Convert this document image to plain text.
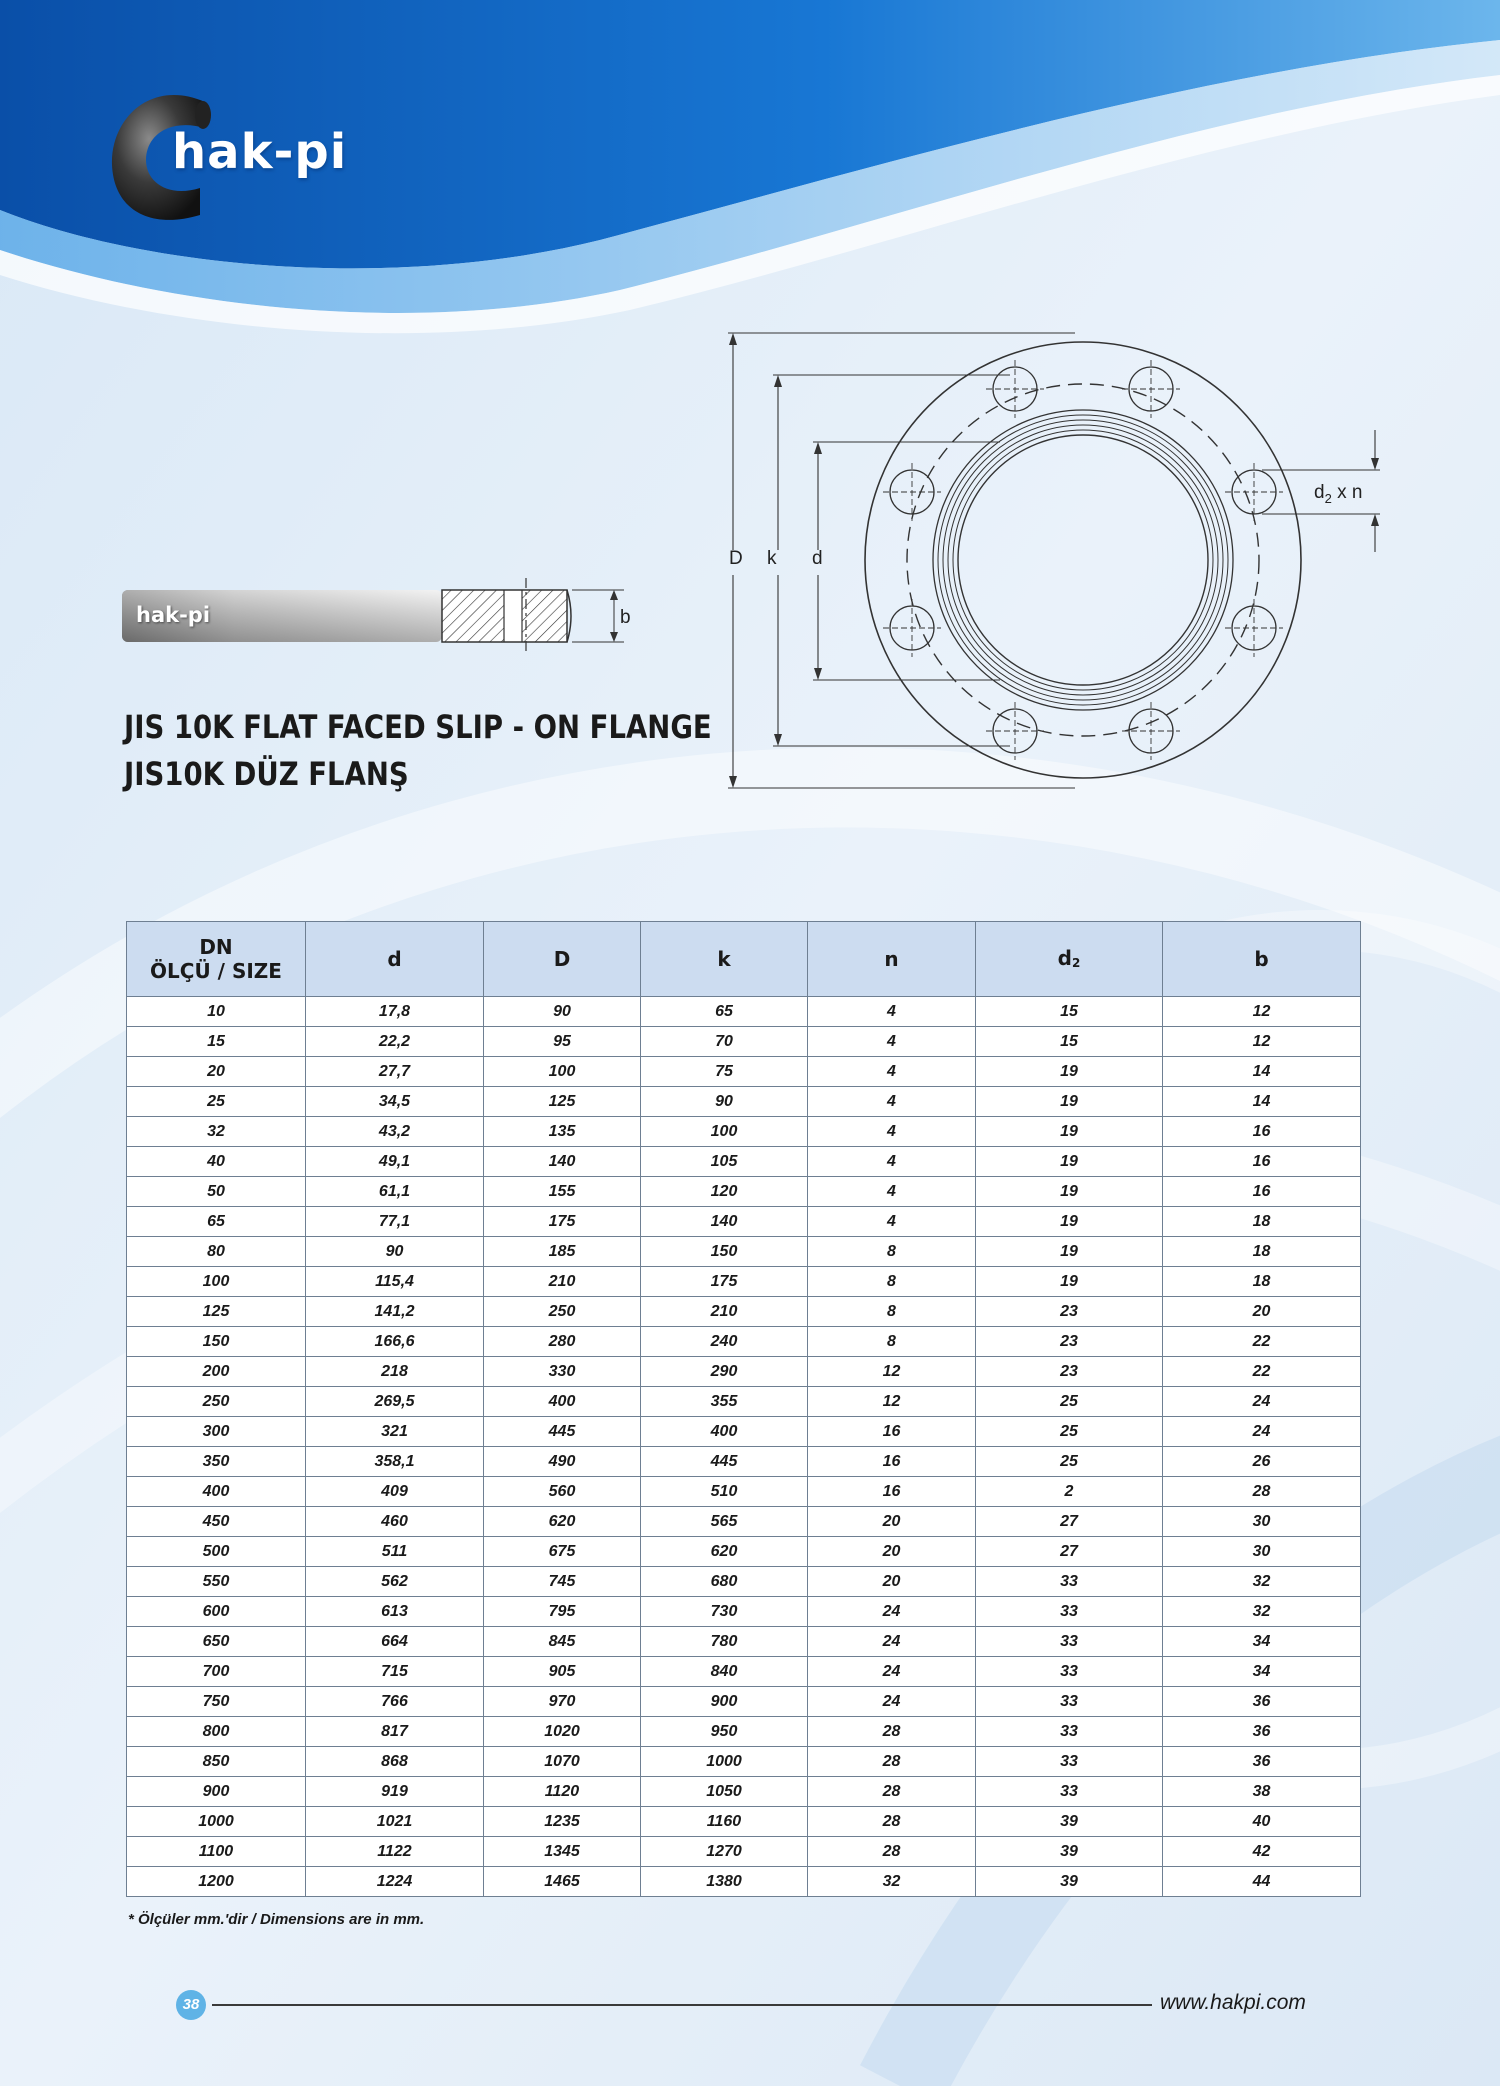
D k d
b
$d_2$ x n
hak-pi
hak-pi
JIS 10K FLAT FACED SLIP - ON FLANGE
JIS10K DÜZ FLANŞ
DN
ÖLÇÜ / SIZE	d	D	k	n	$d_2$	b
10	17,8	90	65	4	15	12
15	22,2	95	70	4	15	12
20	27,7	100	75	4	19	14
25	34,5	125	90	4	19	14
32	43,2	135	100	4	19	16
40	49,1	140	105	4	19	16
50	61,1	155	120	4	19	16
65	77,1	175	140	4	19	18
80	90	185	150	8	19	18
100	115,4	210	175	8	19	18
125	141,2	250	210	8	23	20
150	166,6	280	240	8	23	22
200	218	330	290	12	23	22
250	269,5	400	355	12	25	24
300	321	445	400	16	25	24
350	358,1	490	445	16	25	26
400	409	560	510	16	2	28
450	460	620	565	20	27	30
500	511	675	620	20	27	30
550	562	745	680	20	33	32
600	613	795	730	24	33	32
650	664	845	780	24	33	34
700	715	905	840	24	33	34
750	766	970	900	24	33	36
800	817	1020	950	28	33	36
850	868	1070	1000	28	33	36
900	919	1120	1050	28	33	38
1000	1021	1235	1160	28	39	40
1100	1122	1345	1270	28	39	42
1200	1224	1465	1380	32	39	44
* Ölçüler mm.'dir / Dimensions are in mm.
38	www.hakpi.com
